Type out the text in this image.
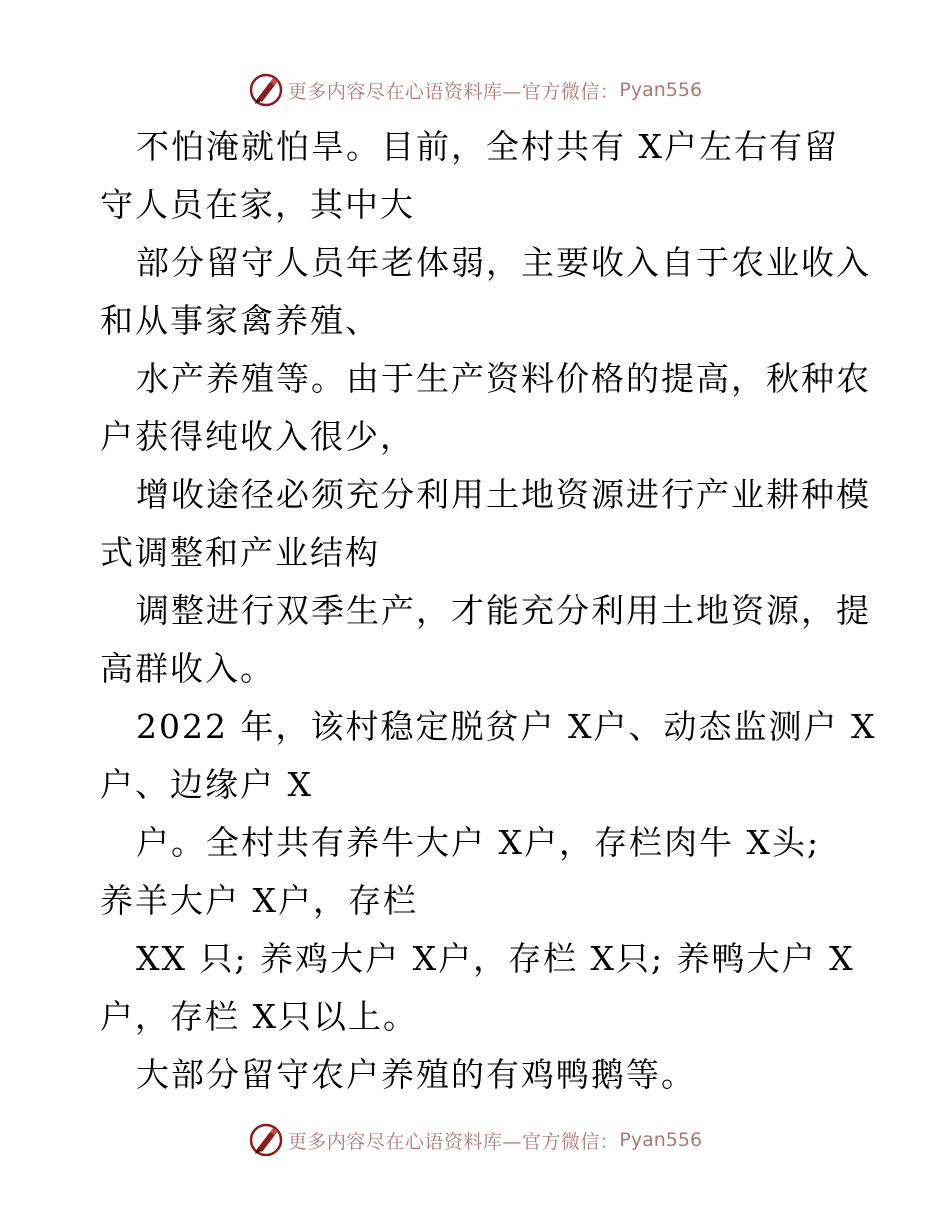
更多内容尽在心语资料库—官方微信： Pyan556
不怕淹就怕旱。目前，全村共有 X户左右有留
守人员在家，其中大
部分留守人员年老体弱，主要收入自于农业收入
和从事家禽养殖、
水产养殖等。由于生产资料价格的提高，秋种农
户获得纯收入很少，
增收途径必须充分利用土地资源进行产业耕种模
式调整和产业结构
调整进行双季生产，才能充分利用土地资源，提
高群收入。
2022 年，该村稳定脱贫户 X户、动态监测户 X
户、边缘户 X
户。全村共有养牛大户 X户，存栏肉牛 X头;
养羊大户 X户，存栏
XX 只; 养鸡大户 X户，存栏 X只; 养鸭大户 X
户，存栏 X只以上。
大部分留守农户养殖的有鸡鸭鹅等。
更多内容尽在心语资料库—官方微信： Pyan556
